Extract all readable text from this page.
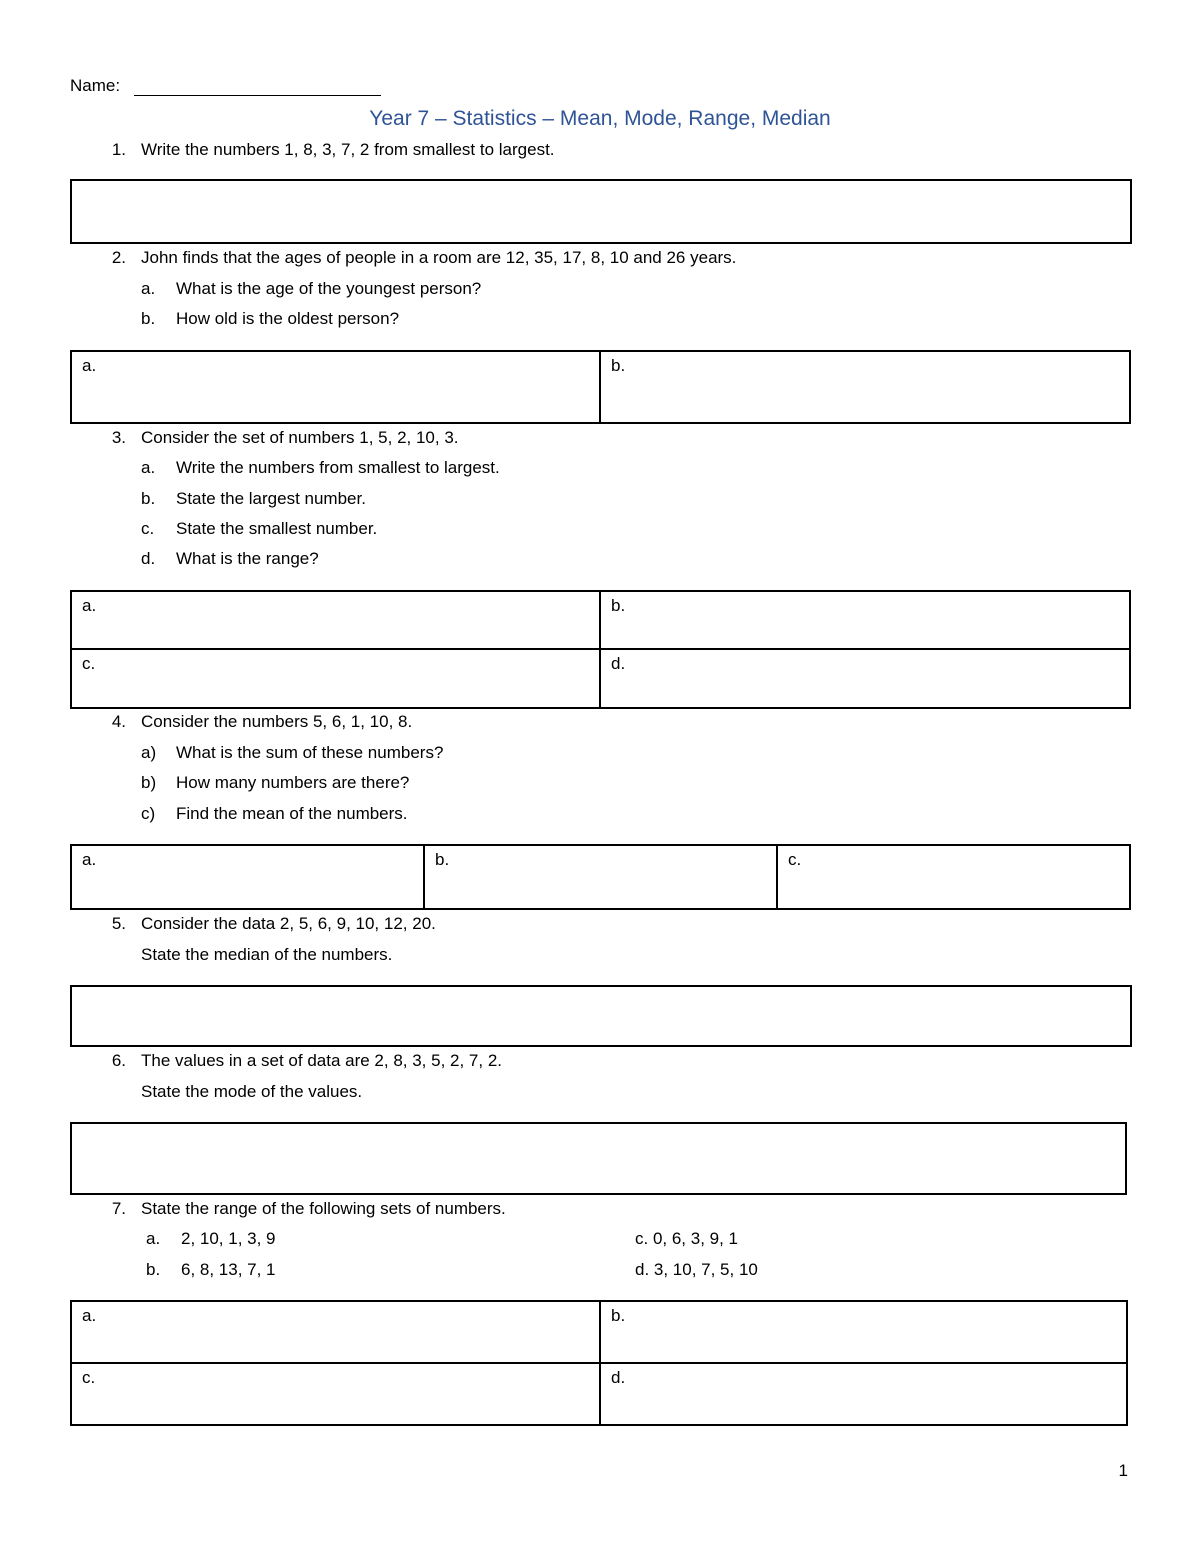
Name:
Year 7 – Statistics – Mean, Mode, Range, Median
1. Write the numbers 1, 8, 3, 7, 2 from smallest to largest.
2. John finds that the ages of people in a room are 12, 35, 17, 8, 10 and 26 years.
a. What is the age of the youngest person?
b. How old is the oldest person?
a.	b.
3. Consider the set of numbers 1, 5, 2, 10, 3.
a. Write the numbers from smallest to largest.
b. State the largest number.
c. State the smallest number.
d. What is the range?
a.	b.
c.	d.
4. Consider the numbers 5, 6, 1, 10, 8.
a) What is the sum of these numbers?
b) How many numbers are there?
c) Find the mean of the numbers.
a.	b.	c.
5. Consider the data 2, 5, 6, 9, 10, 12, 20.
State the median of the numbers.
6. The values in a set of data are 2, 8, 3, 5, 2, 7, 2.
State the mode of the values.
7. State the range of the following sets of numbers.
a. 2, 10, 1, 3, 9
b. 6, 8, 13, 7, 1
c. 0, 6, 3, 9, 1
d. 3, 10, 7, 5, 10
a.	b.
c.	d.
1
